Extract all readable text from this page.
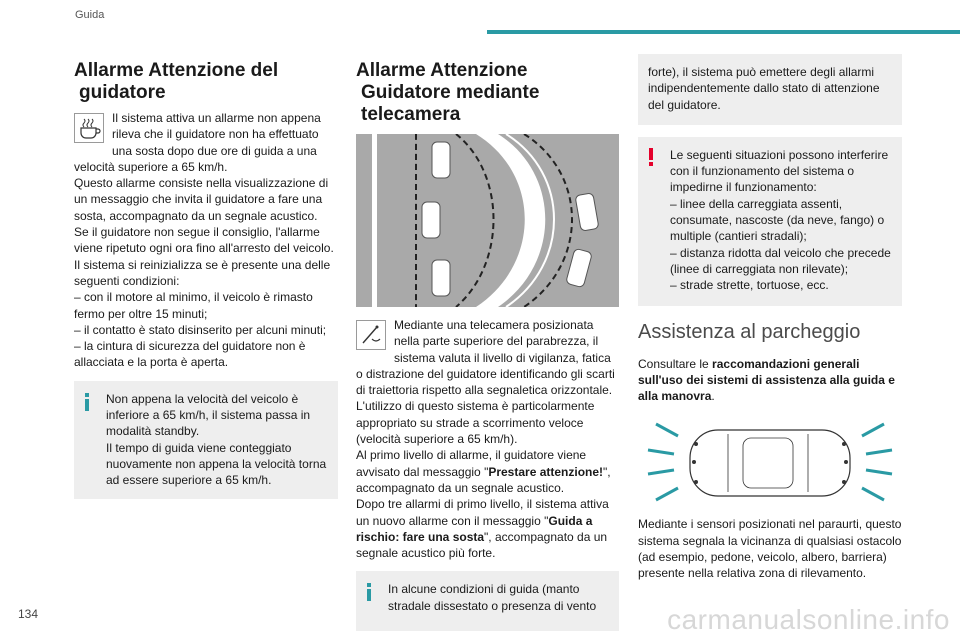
Guida
134	carmanualsonline.info
Allarme Attenzione del
guidatore

Il sistema attiva un allarme non appena rileva che il guidatore non ha effettuato una sosta dopo due ore di guida a una velocità superiore a 65 km/h.
Questo allarme consiste nella visualizzazione di un messaggio che invita il guidatore a fare una sosta, accompagnato da un segnale acustico.
Se il guidatore non segue il consiglio, l'allarme viene ripetuto ogni ora fino all'arresto del veicolo.
Il sistema si reinizializza se è presente una delle seguenti condizioni:
– con il motore al minimo, il veicolo è rimasto fermo per oltre 15 minuti;
– il contatto è stato disinserito per alcuni minuti;
– la cintura di sicurezza del guidatore non è allacciata e la porta è aperta.

Non appena la velocità del veicolo è inferiore a 65 km/h, il sistema passa in modalità standby.
Il tempo di guida viene conteggiato nuovamente non appena la velocità torna ad essere superiore a 65 km/h.
Allarme Attenzione
Guidatore mediante
telecamera

Mediante una telecamera posizionata nella parte superiore del parabrezza, il sistema valuta il livello di vigilanza, fatica o distrazione del guidatore identificando gli scarti di traiettoria rispetto alla segnaletica orizzontale.
L'utilizzo di questo sistema è particolarmente appropriato su strade a scorrimento veloce (velocità superiore a 65 km/h).
Al primo livello di allarme, il guidatore viene avvisato dal messaggio "Prestare attenzione!", accompagnato da un segnale acustico.
Dopo tre allarmi di primo livello, il sistema attiva un nuovo allarme con il messaggio "Guida a rischio: fare una sosta", accompagnato da un segnale acustico più forte.

In alcune condizioni di guida (manto stradale dissestato o presenza di vento
forte), il sistema può emettere degli allarmi indipendentemente dallo stato di attenzione del guidatore.
Le seguenti situazioni possono interferire con il funzionamento del sistema o impedirne il funzionamento:
– linee della carreggiata assenti, consumate, nascoste (da neve, fango) o multiple (cantieri stradali);
– distanza ridotta dal veicolo che precede (linee di carreggiata non rilevate);
– strade strette, tortuose, ecc.
Assistenza al parcheggio

Consultare le raccomandazioni generali sull'uso dei sistemi di assistenza alla guida e alla manovra.

Mediante i sensori posizionati nel paraurti, questo sistema segnala la vicinanza di qualsiasi ostacolo (ad esempio, pedone, veicolo, albero, barriera) presente nella relativa zona di rilevamento.
